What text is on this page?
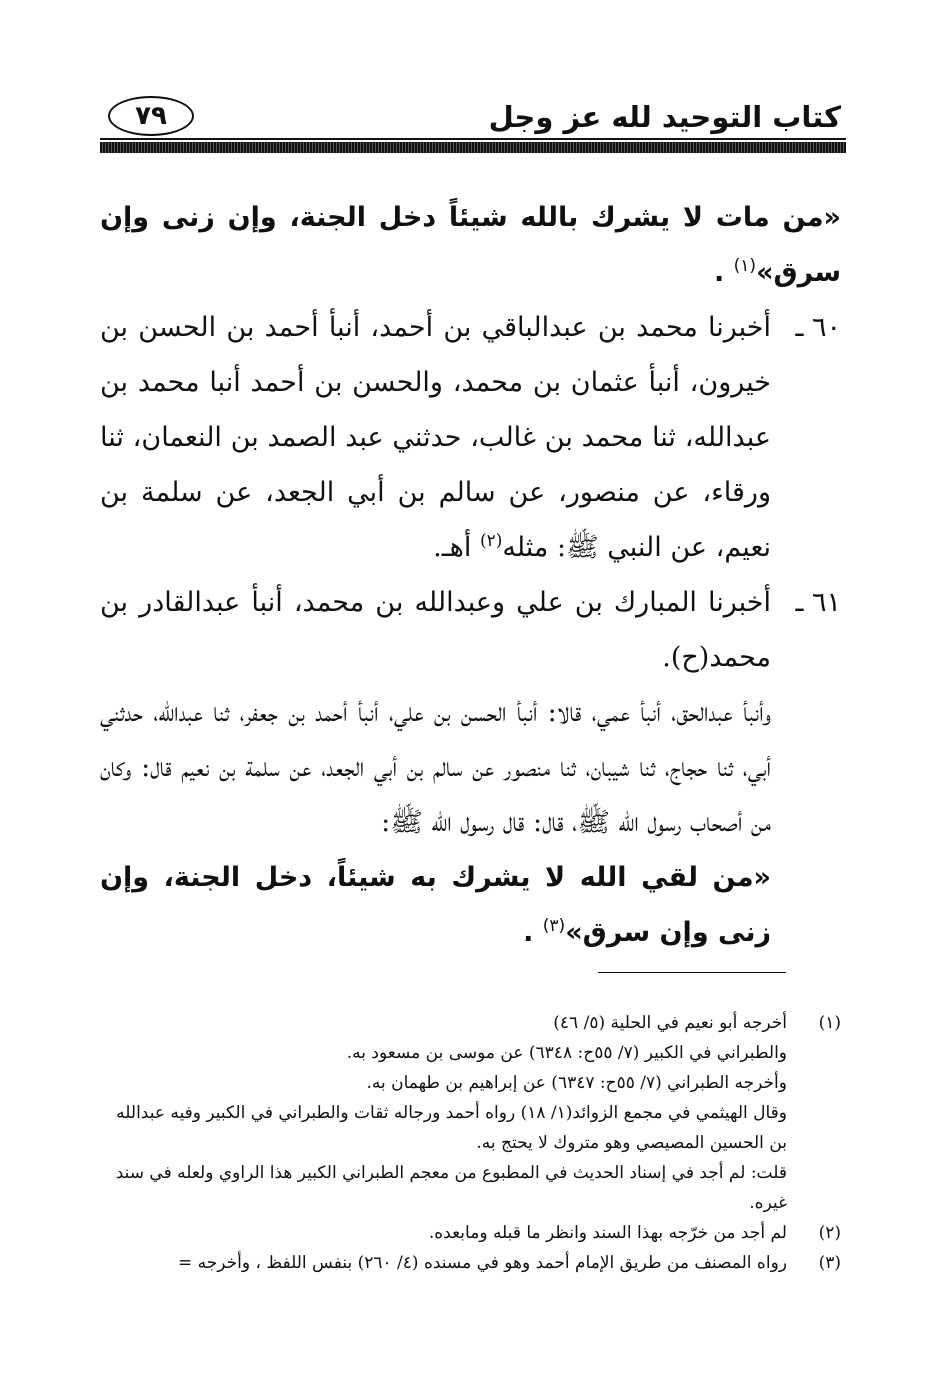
كتاب التوحيد لله عز وجل
٧٩

«من مات لا يشرك بالله شيئاً دخل الجنة، وإن زنى وإن سرق»$^{(١)}$ .

٦٠ ـ
أخبرنا محمد بن عبدالباقي بن أحمد، أنبأ أحمد بن الحسن بن خيرون، أنبأ عثمان بن محمد، والحسن بن أحمد أنبا محمد بن عبدالله، ثنا محمد بن غالب، حدثني عبد الصمد بن النعمان، ثنا ورقاء، عن منصور، عن سالم بن أبي الجعد، عن سلمة بن نعيم، عن النبي ﷺ: مثله$^{(٢)}$ أهـ.

٦١ ـ
أخبرنا المبارك بن علي وعبدالله بن محمد، أنبأ عبدالقادر بن محمد(ح).

وأنبأ عبدالحق، أنبأ عمي، قالا: أنبأ الحسن بن علي، أنبأ أحمد بن جعفر، ثنا عبدالله، حدثني أبي، ثنا حجاج، ثنا شيبان، ثنا منصور عن سالم بن أبي الجعد، عن سلمة بن نعيم قال: وكان من أصحاب رسول الله ﷺ، قال: قال رسول الله ﷺ:

«من لقي الله لا يشرك به شيئاً، دخل الجنة، وإن زنى وإن سرق»$^{(٣)}$ .

(١)
أخرجه أبو نعيم في الحلية (٥/ ٤٦)
والطبراني في الكبير (٧/ ٥٥ح: ٦٣٤٨) عن موسى بن مسعود به.
وأخرجه الطبراني (٧/ ٥٥ح: ٦٣٤٧) عن إبراهيم بن طهمان به.
وقال الهيثمي في مجمع الزوائد(١/ ١٨) رواه أحمد ورجاله ثقات والطبراني في الكبير وفيه عبدالله بن الحسين المصيصي وهو متروك لا يحتج به.
قلت: لم أجد في إسناد الحديث في المطبوع من معجم الطبراني الكبير هذا الراوي ولعله في سند غيره.
(٢)
لم أجد من خرّجه بهذا السند وانظر ما قبله ومابعده.
(٣)
رواه المصنف من طريق الإمام أحمد وهو في مسنده (٤/ ٢٦٠) بنفس اللفظ ، وأخرجه =
